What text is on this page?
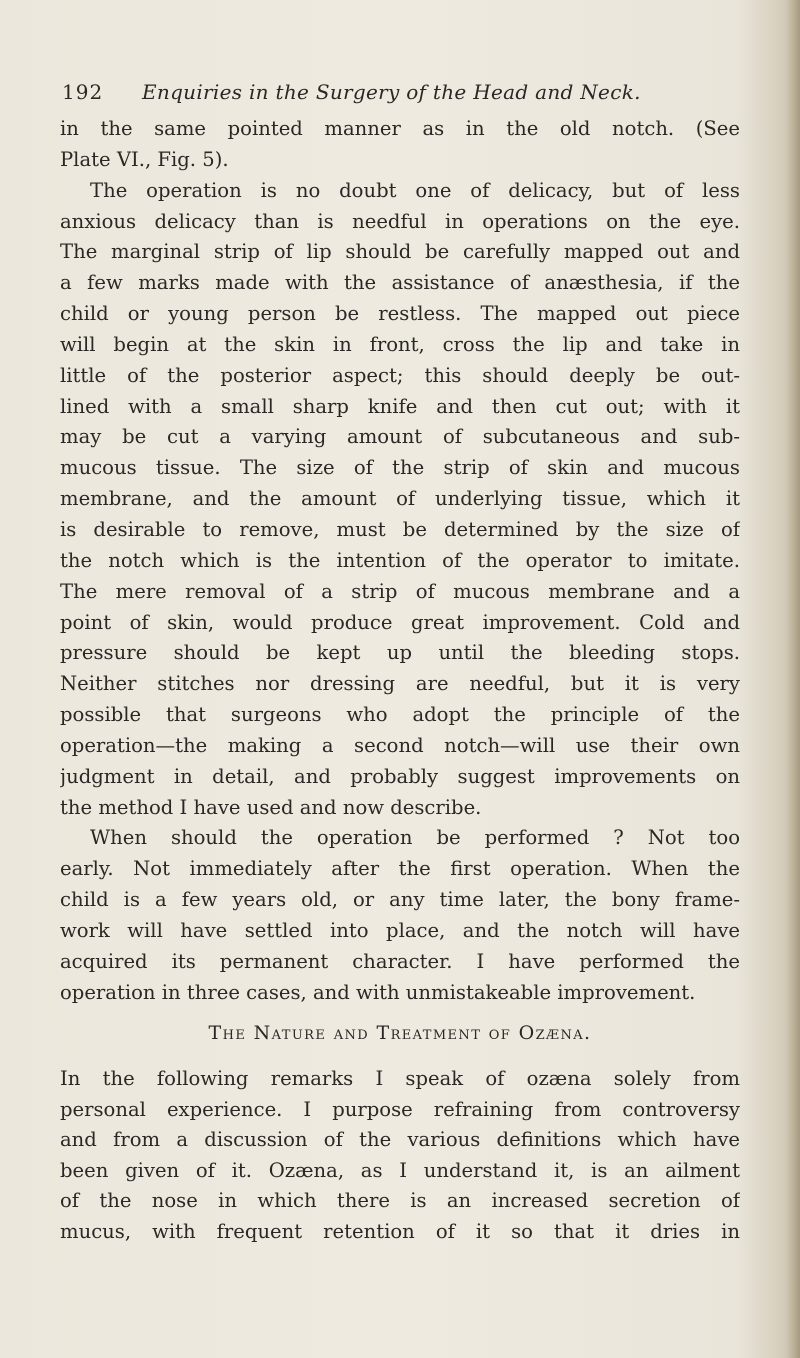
192 Enquiries in the Surgery of the Head and Neck.
in the same pointed manner as in the old notch. (See
Plate VI., Fig. 5).
The operation is no doubt one of delicacy, but of less
anxious delicacy than is needful in operations on the eye.
The marginal strip of lip should be carefully mapped out and
a few marks made with the assistance of anæsthesia, if the
child or young person be restless. The mapped out piece
will begin at the skin in front, cross the lip and take in
little of the posterior aspect; this should deeply be out-
lined with a small sharp knife and then cut out; with it
may be cut a varying amount of subcutaneous and sub-
mucous tissue. The size of the strip of skin and mucous
membrane, and the amount of underlying tissue, which it
is desirable to remove, must be determined by the size of
the notch which is the intention of the operator to imitate.
The mere removal of a strip of mucous membrane and a
point of skin, would produce great improvement. Cold and
pressure should be kept up until the bleeding stops.
Neither stitches nor dressing are needful, but it is very
possible that surgeons who adopt the principle of the
operation—the making a second notch—will use their own
judgment in detail, and probably suggest improvements on
the method I have used and now describe.
When should the operation be performed ? Not too
early. Not immediately after the first operation. When the
child is a few years old, or any time later, the bony frame-
work will have settled into place, and the notch will have
acquired its permanent character. I have performed the
operation in three cases, and with unmistakeable improvement.
The Nature and Treatment of Ozæna.
In the following remarks I speak of ozæna solely from
personal experience. I purpose refraining from controversy
and from a discussion of the various definitions which have
been given of it. Ozæna, as I understand it, is an ailment
of the nose in which there is an increased secretion of
mucus, with frequent retention of it so that it dries in
